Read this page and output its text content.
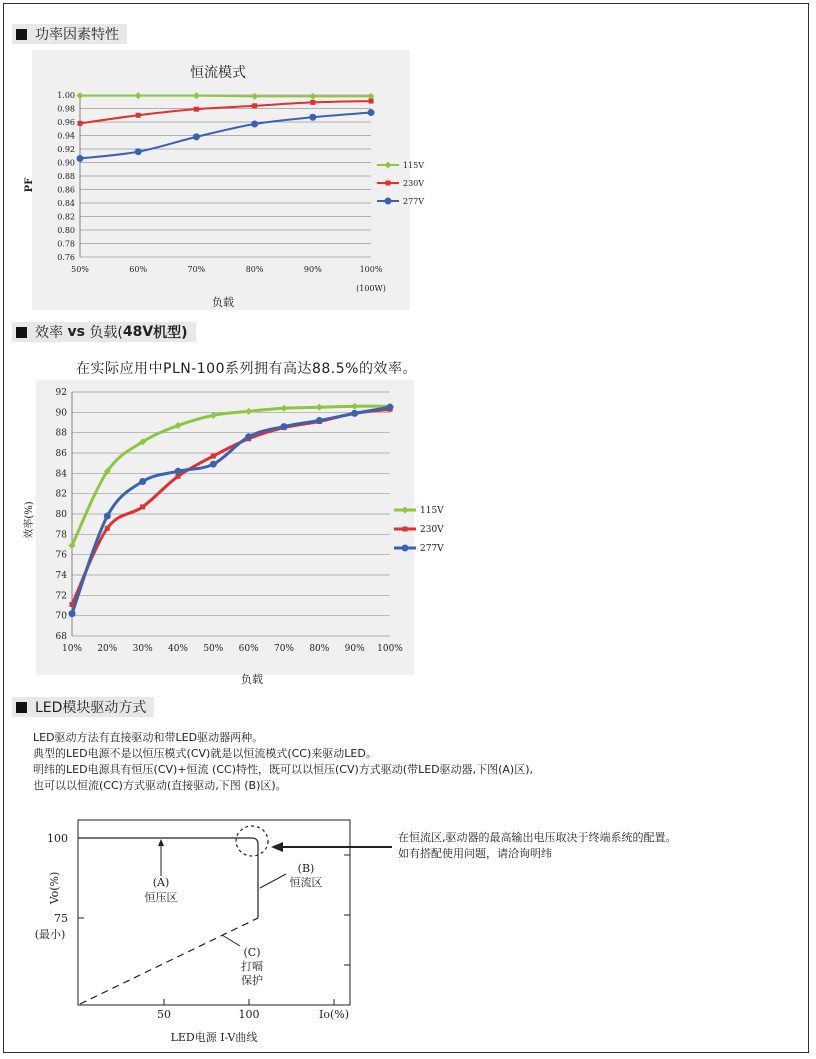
功率因素特性
恒流模式
PF
负载
(100W)
0.76
0.78
0.80
0.82
0.84
0.86
0.88
0.90
0.92
0.94
0.96
0.98
1.00
50%	60%	70%	80%	90%	100%
115V
230V
277V
效率 vs 负载( 48V 机型)
在实际应用中PLN-100系列拥有高达88.5%的效率。
效率(%)
负载
68
70
72
74
76
78
80
82
84
86
88
90
92
10% 20% 30% 40% 50% 60% 70% 80% 90% 100%
115V
230V
277V
LED模块驱动方式
LED驱动方法有直接驱动和带LED驱动器两种。
典型的LED电源不是以恒压模式(CV)就是以恒流模式(CC)来驱动LED。
明纬的LED电源具有恒压(CV)+恒流 (CC)特性，既可以以恒压(CV)方式驱动(带LED驱动器,下图(A)区),
也可以以恒流(CC)方式驱动(直接驱动,下图 (B)区)。
100
75
50	100	Io(%)
Vo(%)	(A)
(B)
(C)
(最小)
恒压区
恒流区
打嗝
保护
LED电源 I-V曲线
在恒流区,驱动器的最高输出电压取决于终端系统的配置。
如有搭配使用问题，请洽询明纬
